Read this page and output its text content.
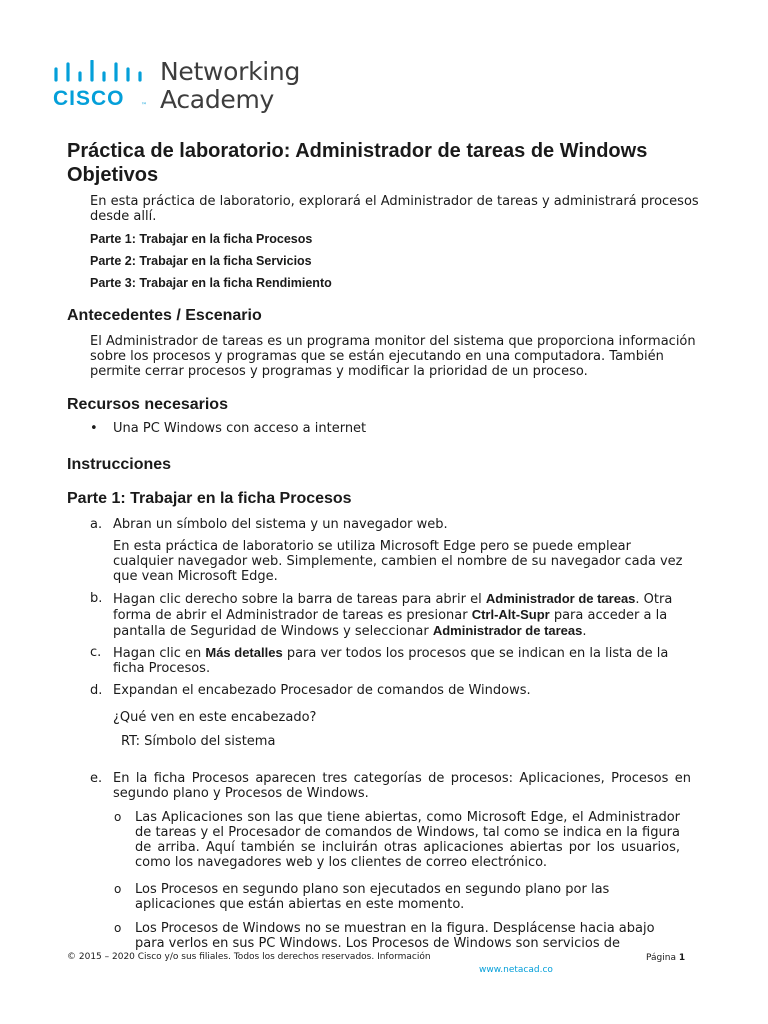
CISCO	™
Networking
Academy
Práctica de laboratorio: Administrador de tareas de Windows
Objetivos

En esta práctica de laboratorio, explorará el Administrador de tareas y administrará procesos desde allí.

Parte 1: Trabajar en la ficha Procesos

Parte 2: Trabajar en la ficha Servicios

Parte 3: Trabajar en la ficha Rendimiento

Antecedentes / Escenario

El Administrador de tareas es un programa monitor del sistema que proporciona información sobre los procesos y programas que se están ejecutando en una computadora. También permite cerrar procesos y programas y modificar la prioridad de un proceso.

Recursos necesarios
• Una PC Windows con acceso a internet

Instrucciones
Parte 1: Trabajar en la ficha Procesos
a. Abran un símbolo del sistema y un navegador web.

En esta práctica de laboratorio se utiliza Microsoft Edge pero se puede emplear cualquier navegador web. Simplemente, cambien el nombre de su navegador cada vez que vean Microsoft Edge.

b. Hagan clic derecho sobre la barra de tareas para abrir el Administrador de tareas. Otra forma de abrir el Administrador de tareas es presionar Ctrl-Alt-Supr para acceder a la pantalla de Seguridad de Windows y seleccionar Administrador de tareas.

c. Hagan clic en Más detalles para ver todos los procesos que se indican en la lista de la ficha Procesos.

d. Expandan el encabezado Procesador de comandos de Windows.

¿Qué ven en este encabezado?

RT: Símbolo del sistema

e. En la ficha Procesos aparecen tres categorías de procesos: Aplicaciones, Procesos en segundo plano y Procesos de Windows.

o Las Aplicaciones son las que tiene abiertas, como Microsoft Edge, el Administrador de tareas y el Procesador de comandos de Windows, tal como se indica en la figura de arriba. Aquí también se incluirán otras aplicaciones abiertas por los usuarios, como los navegadores web y los clientes de correo electrónico.

o Los Procesos en segundo plano son ejecutados en segundo plano por las aplicaciones que están abiertas en este momento.

o Los Procesos de Windows no se muestran en la figura. Desplácense hacia abajo para verlos en sus PC Windows. Los Procesos de Windows son servicios de

© 2015 – 2020 Cisco y/o sus filiales. Todos los derechos reservados. Información	Página 1
www.netacad.co
